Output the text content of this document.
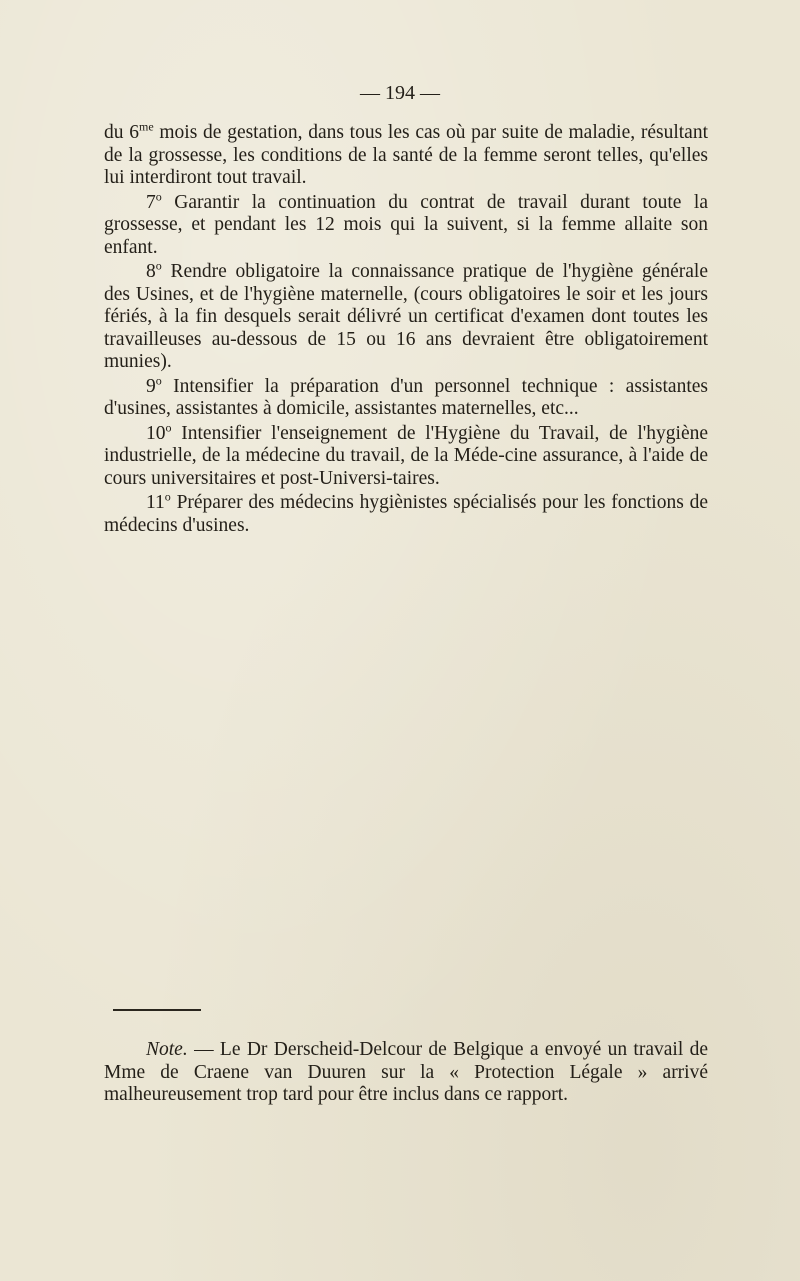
— 194 —

du $6^{me}$ mois de gestation, dans tous les cas où par suite de maladie, résultant de la grossesse, les conditions de la santé de la femme seront telles, qu'elles lui interdiront tout travail.

7$^o$ Garantir la continuation du contrat de travail durant toute la grossesse, et pendant les 12 mois qui la suivent, si la femme allaite son enfant.

8$^o$ Rendre obligatoire la connaissance pratique de l'hygiène générale des Usines, et de l'hygiène maternelle, (cours obligatoires le soir et les jours fériés, à la fin desquels serait délivré un certificat d'examen dont toutes les travailleuses au-dessous de 15 ou 16 ans devraient être obligatoirement munies).

9$^o$ Intensifier la préparation d'un personnel technique : assistantes d'usines, assistantes à domicile, assistantes maternelles, etc...

10$^o$ Intensifier l'enseignement de l'Hygiène du Travail, de l'hygiène industrielle, de la médecine du travail, de la Méde-cine assurance, à l'aide de cours universitaires et post-Universi-taires.

11$^o$ Préparer des médecins hygiènistes spécialisés pour les fonctions de médecins d'usines.

Note. — Le Dr Derscheid-Delcour de Belgique a envoyé un travail de Mme de Craene van Duuren sur la « Protection Légale » arrivé malheureusement trop tard pour être inclus dans ce rapport.
